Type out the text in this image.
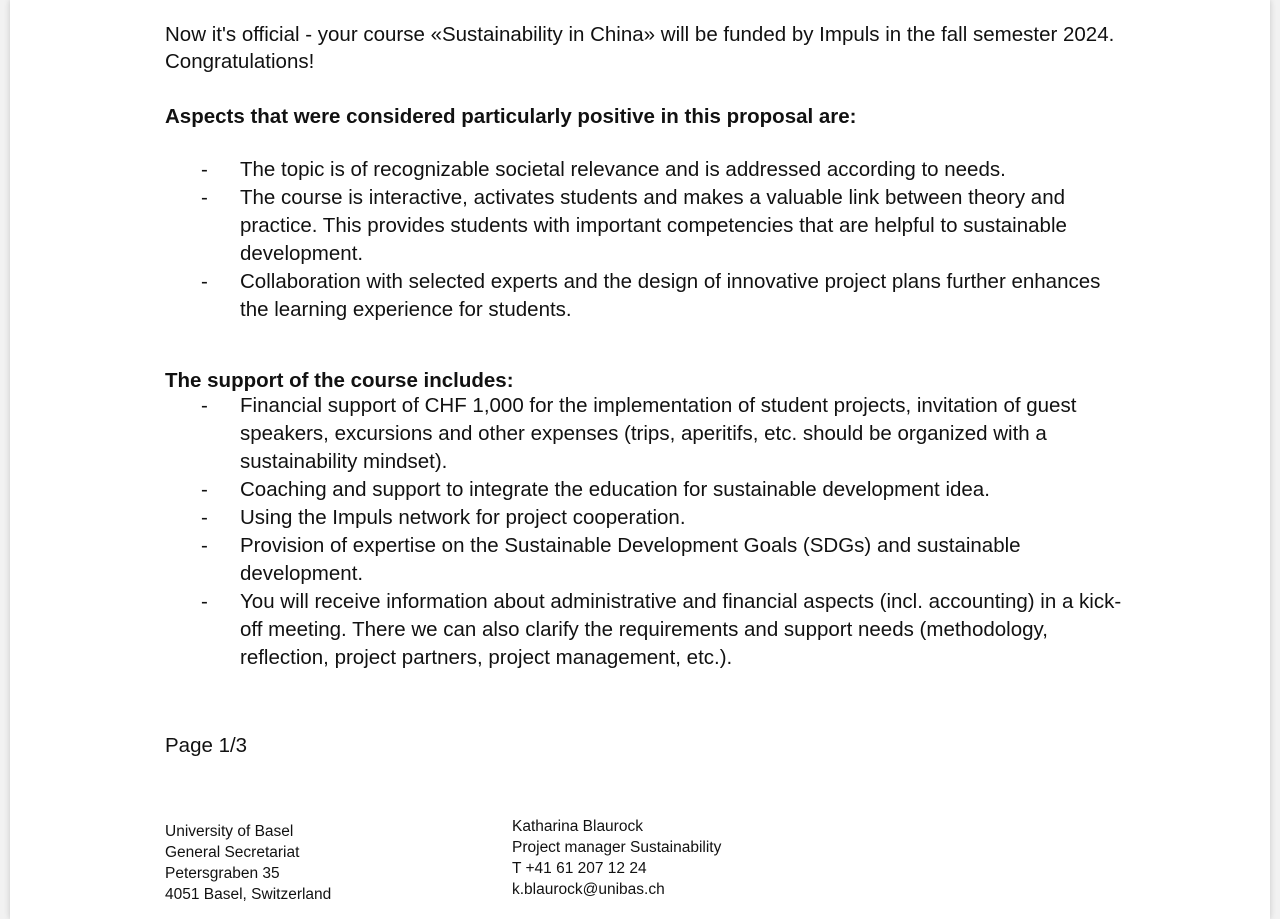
Now it's official - your course «Sustainability in China» will be funded by Impuls in the fall semester 2024.
Congratulations!

Aspects that were considered particularly positive in this proposal are:

- The topic is of recognizable societal relevance and is addressed according to needs.
- The course is interactive, activates students and makes a valuable link between theory and
practice. This provides students with important competencies that are helpful to sustainable
development.
- Collaboration with selected experts and the design of innovative project plans further enhances
the learning experience for students.

The support of the course includes:

- Financial support of CHF 1,000 for the implementation of student projects, invitation of guest
speakers, excursions and other expenses (trips, aperitifs, etc. should be organized with a
sustainability mindset).
- Coaching and support to integrate the education for sustainable development idea.
- Using the Impuls network for project cooperation.
- Provision of expertise on the Sustainable Development Goals (SDGs) and sustainable
development.
- You will receive information about administrative and financial aspects (incl. accounting) in a kick-
off meeting. There we can also clarify the requirements and support needs (methodology,
reflection, project partners, project management, etc.).

Page 1/3

University of Basel
General Secretariat
Petersgraben 35
4051 Basel, Switzerland
Katharina Blaurock
Project manager Sustainability
T +41 61 207 12 24
k.blaurock@unibas.ch
